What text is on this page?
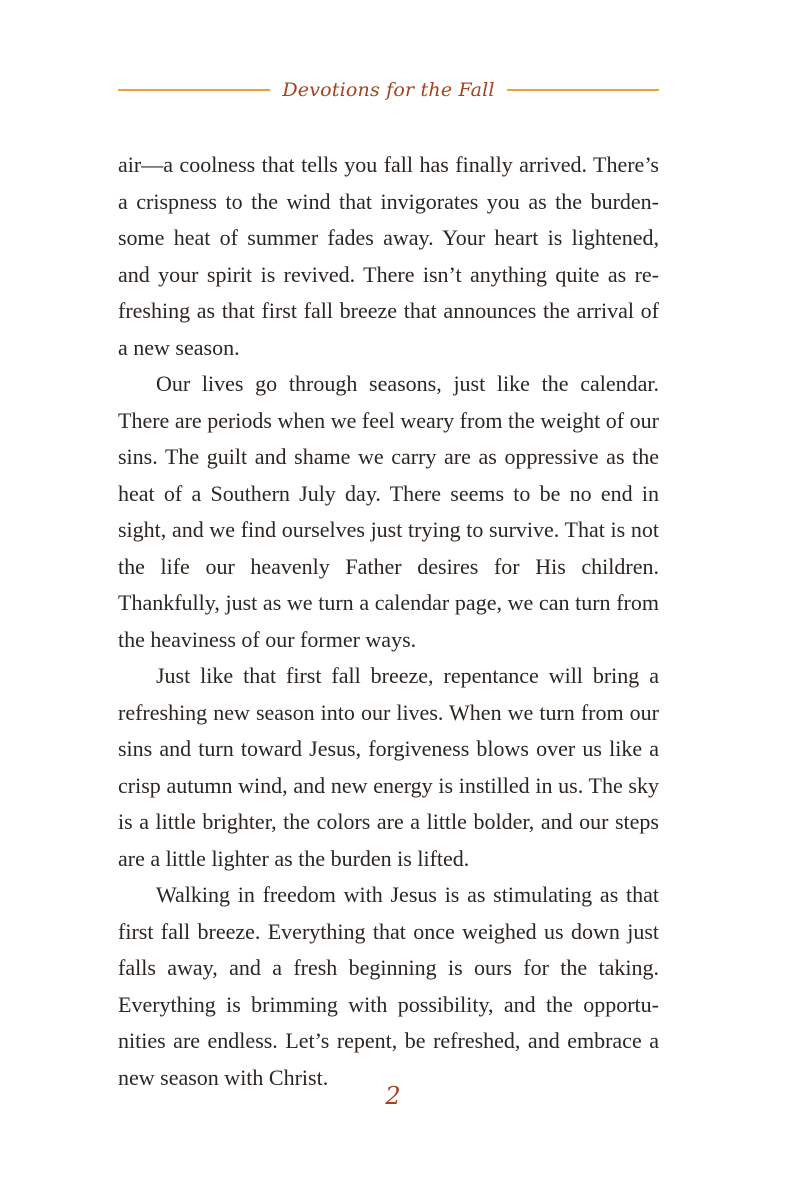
Devotions for the Fall

air—a coolness that tells you fall has finally arrived. There’s a crispness to the wind that invigorates you as the burdensome heat of summer fades away. Your heart is lightened, and your spirit is revived. There isn’t anything quite as refreshing as that first fall breeze that announces the arrival of a new season.

Our lives go through seasons, just like the calendar. There are periods when we feel weary from the weight of our sins. The guilt and shame we carry are as oppressive as the heat of a Southern July day. There seems to be no end in sight, and we find ourselves just trying to survive. That is not the life our heavenly Father desires for His children. Thankfully, just as we turn a calendar page, we can turn from the heaviness of our former ways.

Just like that first fall breeze, repentance will bring a refreshing new season into our lives. When we turn from our sins and turn toward Jesus, forgiveness blows over us like a crisp autumn wind, and new energy is instilled in us. The sky is a little brighter, the colors are a little bolder, and our steps are a little lighter as the burden is lifted.

Walking in freedom with Jesus is as stimulating as that first fall breeze. Everything that once weighed us down just falls away, and a fresh beginning is ours for the taking. Everything is brimming with possibility, and the opportunities are endless. Let’s repent, be refreshed, and embrace a new season with Christ.

2
